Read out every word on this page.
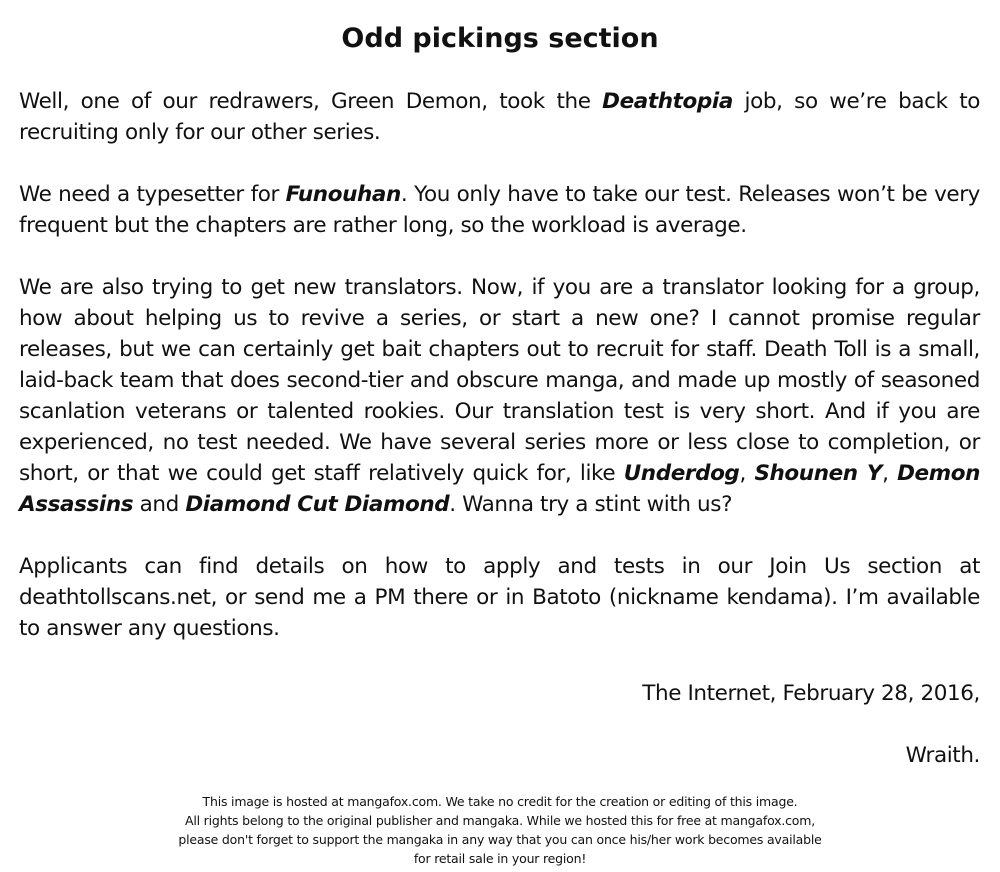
Odd pickings section

Well, one of our redrawers, Green Demon, took the Deathtopia job, so we’re back to recruiting only for our other series.

We need a typesetter for Funouhan. You only have to take our test. Releases won’t be very frequent but the chapters are rather long, so the workload is average.

We are also trying to get new translators. Now, if you are a translator looking for a group, how about helping us to revive a series, or start a new one? I cannot promise regular releases, but we can certainly get bait chapters out to recruit for staff. Death Toll is a small, laid-back team that does second-tier and obscure manga, and made up mostly of seasoned scanlation veterans or talented rookies. Our translation test is very short. And if you are experienced, no test needed. We have several series more or less close to completion, or short, or that we could get staff relatively quick for, like Underdog, Shounen Y, Demon Assassins and Diamond Cut Diamond. Wanna try a stint with us?

Applicants can find details on how to apply and tests in our Join Us section at deathtollscans.net, or send me a PM there or in Batoto (nickname kendama). I’m available to answer any questions.

The Internet, February 28, 2016,
Wraith.
This image is hosted at mangafox.com. We take no credit for the creation or editing of this image.
All rights belong to the original publisher and mangaka. While we hosted this for free at mangafox.com,
please don't forget to support the mangaka in any way that you can once his/her work becomes available
for retail sale in your region!
